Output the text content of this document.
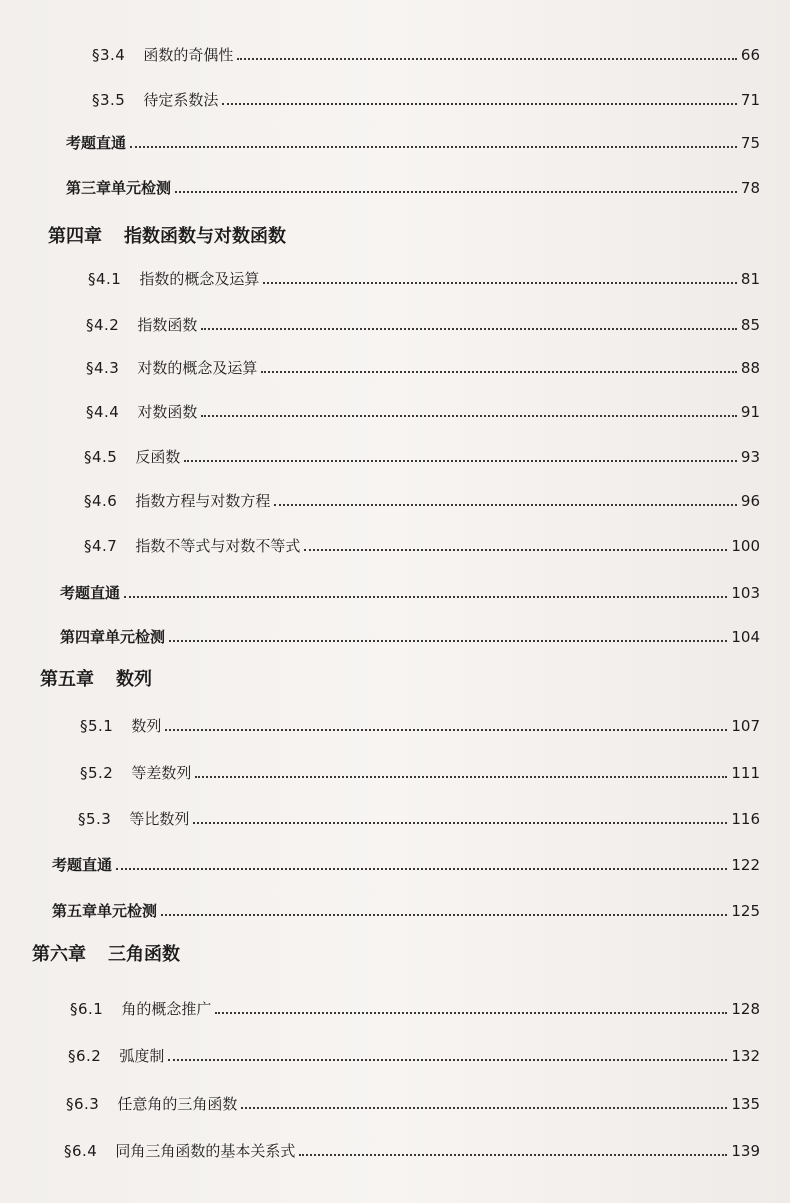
§3.4 函数的奇偶性	66
§3.5 待定系数法	71
考题直通	75
第三章单元检测	78
第四章 指数函数与对数函数
§4.1 指数的概念及运算	81
§4.2 指数函数	85
§4.3 对数的概念及运算	88
§4.4 对数函数	91
§4.5 反函数	93
§4.6 指数方程与对数方程	96
§4.7 指数不等式与对数不等式	100
考题直通	103
第四章单元检测	104
第五章 数列
§5.1 数列	107
§5.2 等差数列	111
§5.3 等比数列	116
考题直通	122
第五章单元检测	125
第六章 三角函数
§6.1 角的概念推广	128
§6.2 弧度制	132
§6.3 任意角的三角函数	135
§6.4 同角三角函数的基本关系式	139
